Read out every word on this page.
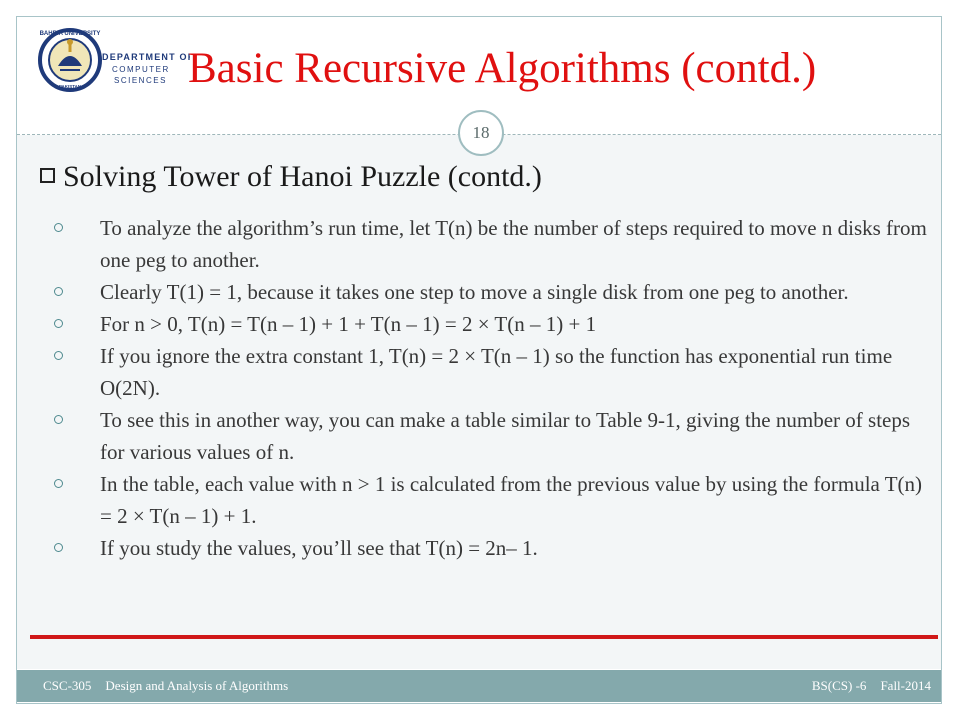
BAHRIA UNIVERSITY
PAKISTAN
DEPARTMENT OF
COMPUTER
SCIENCES Basic Recursive Algorithms (contd.)
18
Solving Tower of Hanoi Puzzle (contd.)
To analyze the algorithm’s run time, let T(n) be the number of steps required to move n disks from one peg to another.
Clearly T(1) = 1, because it takes one step to move a single disk from one peg to another.
For n > 0, T(n) = T(n – 1) + 1 + T(n – 1) = 2 × T(n – 1) + 1
If you ignore the extra constant 1, T(n) = 2 × T(n – 1) so the function has exponential run time O(2N).
To see this in another way, you can make a table similar to Table 9-1, giving the number of steps for various values of n.
In the table, each value with n > 1 is calculated from the previous value by using the formula T(n) = 2 × T(n – 1) + 1.
If you study the values, you’ll see that T(n) = 2n– 1.
CSC-305 Design and Analysis of Algorithms	BS(CS) -6 Fall-2014
